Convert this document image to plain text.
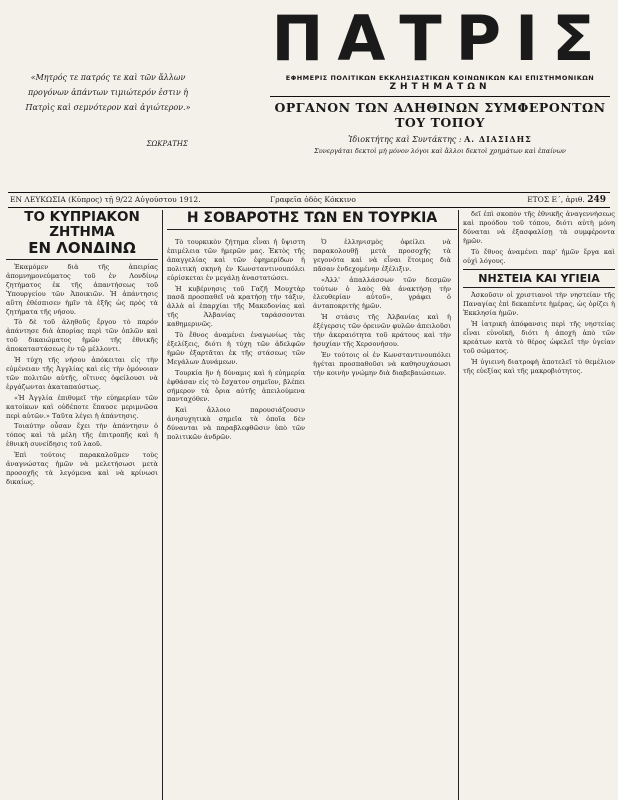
«Μητρός τε πατρός τε καὶ τῶν ἄλλων προγόνων ἁπάντων τιμιώτερόν ἐστιν ἡ Πατρὶς καὶ σεμνότερον καὶ ἁγιώτερον.»
ΣΩΚΡΑΤΗΣ
ΠΑΤΡΙΣ
ΕΦΗΜΕΡΙΣ ΠΟΛΙΤΙΚΩΝ ΕΚΚΛΗΣΙΑΣΤΙΚΩΝ ΚΟΙΝΩΝΙΚΩΝ ΚΑΙ ΕΠΙΣΤΗΜΟΝΙΚΩΝ
ΖΗΤΗΜΑΤΩΝ
ΟΡΓΑΝΟΝ ΤΩΝ ΑΛΗΘΙΝΩΝ ΣΥΜΦΕΡΟΝΤΩΝ ΤΟΥ ΤΟΠΟΥ
Ἰδιοκτήτης καὶ Συντάκτης : Α. ΔΙΑΣΙΔΗΣ
Συνεργάται δεκτοὶ μὴ μόνον λόγοι καὶ ἄλλοι δεκτοὶ χρημάτων καὶ ἐπαίνων
ΕΝ ΛΕΥΚΩΣΙΑ (Κύπρος) τῇ 9/22 Αὐγούστου 1912.	Γραφεῖα ὁδὸς Κόκκινο	ΕΤΟΣ Ε΄, ἀριθ. 249
ΤΟ ΚΥΠΡΙΑΚΟΝ ΖΗΤΗΜΑ
ΕΝ ΛΟΝΔΙΝΩ

Ἐκαμόμεν διὰ τῆς ἀπειρίας ἀπομνημονεύματος τοῦ ἐν Λονδίνῳ ζητήματος ἐκ τῆς ἀπαντήσεως τοῦ Ὑπουργείου τῶν Ἀποικιῶν. Ἡ ἀπάντησις αὕτη ἐθέσπισεν ἡμῖν τὰ ἑξῆς ὡς πρὸς τὰ ζητήματα τῆς νήσου.

Τὸ δὲ τοῦ ἀληθοῦς ἔργου τὸ παρόν ἀπάντησε διὰ ἀπορίας περὶ τῶν ὁπλῶν καὶ τοῦ δικαιώματος ἡμῶν τῆς ἐθνικῆς ἀποκαταστάσεως ἐν τῷ μέλλοντι.

Ἡ τύχη τῆς νήσου ἀπόκειται εἰς τὴν εὐμένειαν τῆς Ἀγγλίας καὶ εἰς τὴν ὁμόνοιαν τῶν πολιτῶν αὐτῆς, οἵτινες ὀφείλουσι νὰ ἐργάζωνται ἀκαταπαύστως.

«Ἡ Ἀγγλία ἐπιθυμεῖ τὴν εὐημερίαν τῶν κατοίκων καὶ οὐδέποτε ἔπαυσε μεριμνῶσα περὶ αὐτῶν.» Ταῦτα λέγει ἡ ἀπάντησις.

Τοιαύτην οὖσαν ἔχει τὴν ἀπάντησιν ὁ τόπος καὶ τὰ μέλη τῆς ἐπιτροπῆς καὶ ἡ ἐθνικὴ συνείδησις τοῦ λαοῦ.

Ἐπὶ τούτοις παρακαλοῦμεν τοὺς ἀναγνώστας ἡμῶν νὰ μελετήσωσι μετὰ προσοχῆς τὰ λεγόμενα καὶ νὰ κρίνωσι δικαίως.

Η ΣΟΒΑΡΟΤΗΣ ΤΩΝ ΕΝ ΤΟΥΡΚΙΑ

Τὸ τουρκικὸν ζήτημα εἶναι ἡ ὕψιστη ἐπιμέλεια τῶν ἡμερῶν μας. Ἐκτὸς τῆς ἀπαγγελίας καὶ τῶν ἐφημερίδων ἡ πολιτικὴ σκηνὴ ἐν Κωνσταντινουπόλει εὑρίσκεται ἐν μεγάλῃ ἀναστατώσει.

Ἡ κυβέρνησις τοῦ Γαζῆ Μουχτὰρ πασᾶ προσπαθεῖ νὰ κρατήσῃ τὴν τάξιν, ἀλλὰ αἱ ἐπαρχίαι τῆς Μακεδονίας καὶ τῆς Ἀλβανίας ταράσσονται καθημερινῶς.

Τὸ ἔθνος ἀναμένει ἐναγωνίως τὰς ἐξελίξεις, διότι ἡ τύχη τῶν ἀδελφῶν ἡμῶν ἐξαρτᾶται ἐκ τῆς στάσεως τῶν Μεγάλων Δυνάμεων.

Τουρκία ἣν ἡ δύναμις καὶ ἡ εὐημερία ἐφθάσαν εἰς τὸ ἔσχατον σημεῖον, βλέπει σήμερον τὰ ὅρια αὐτῆς ἀπειλούμενα πανταχόθεν.

Καὶ ἄλλοιο παρουσιάζουσιν ἀνησυχητικὰ σημεῖα τὰ ὁποῖα δὲν δύνανται νὰ παραβλεφθῶσιν ὑπὸ τῶν πολιτικῶν ἀνδρῶν.

Ὁ ἑλληνισμὸς ὀφείλει νὰ παρακολουθῇ μετὰ προσοχῆς τὰ γεγονότα καὶ νὰ εἶναι ἕτοιμος διὰ πᾶσαν ἐνδεχομένην ἐξέλιξιν.

«Ἀλλ' ἀπαλλάσσων τῶν δεσμῶν τούτων ὁ λαὸς θὰ ἀνακτήσῃ τὴν ἐλευθερίαν αὐτοῦ», γράφει ὁ ἀνταποκριτὴς ἡμῶν.

Ἡ στάσις τῆς Ἀλβανίας καὶ ἡ ἐξέγερσις τῶν ὀρεινῶν φυλῶν ἀπειλοῦσι τὴν ἀκεραιότητα τοῦ κράτους καὶ τὴν ἡσυχίαν τῆς Χερσονήσου.

Ἐν τούτοις οἱ ἐν Κωνσταντινουπόλει ἡγέται προσπαθοῦσι νὰ καθησυχάσωσι τὴν κοινὴν γνώμην διὰ διαβεβαιώσεων.

δεῖ ἐπὶ σκοπὸν τῆς ἐθνικῆς ἀναγεννήσεως καὶ προόδου τοῦ τόπου, διότι αὐτὴ μόνη δύναται νὰ ἐξασφαλίσῃ τὰ συμφέροντα ἡμῶν.

Τὸ ἔθνος ἀναμένει παρ' ἡμῶν ἔργα καὶ οὐχὶ λόγους.

ΝΗΣΤΕΙΑ ΚΑΙ ΥΓΙΕΙΑ

Ἀσκοῦσιν οἱ χριστιανοὶ τὴν νηστείαν τῆς Παναγίας ἐπὶ δεκαπέντε ἡμέρας, ὡς ὁρίζει ἡ Ἐκκλησία ἡμῶν.

Ἡ ἰατρικὴ ἀπόφανσις περὶ τῆς νηστείας εἶναι εὐνοϊκή, διότι ἡ ἀποχὴ ἀπὸ τῶν κρεάτων κατὰ τὸ θέρος ὠφελεῖ τὴν ὑγείαν τοῦ σώματος.

Ἡ ὑγιεινὴ διατροφὴ ἀποτελεῖ τὸ θεμέλιον τῆς εὐεξίας καὶ τῆς μακροβιότητος.
